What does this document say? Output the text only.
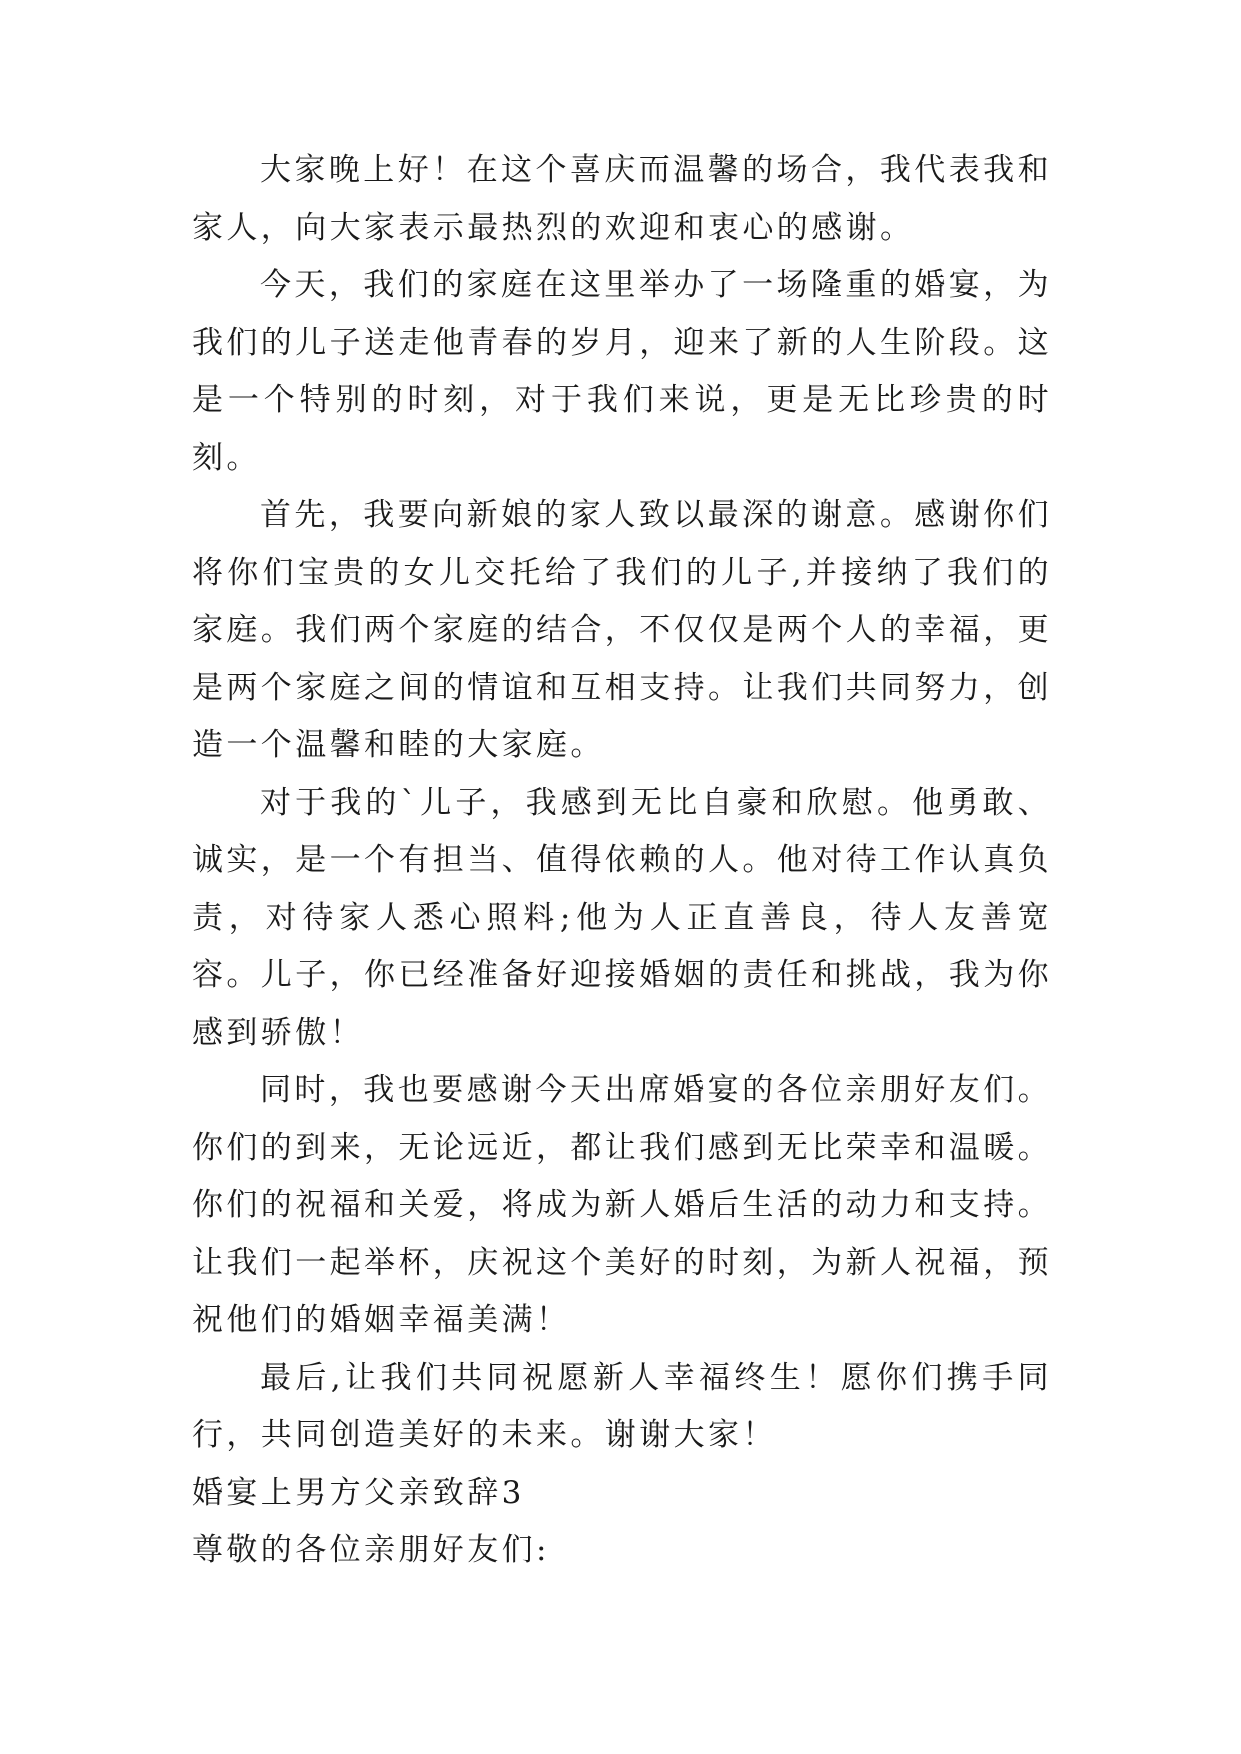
大家晚上好！在这个喜庆而温馨的场合，我代表我和家人，向大家表示最热烈的欢迎和衷心的感谢。

今天，我们的家庭在这里举办了一场隆重的婚宴，为我们的儿子送走他青春的岁月，迎来了新的人生阶段。这是一个特别的时刻，对于我们来说，更是无比珍贵的时刻。

首先，我要向新娘的家人致以最深的谢意。感谢你们将你们宝贵的女儿交托给了我们的儿子,并接纳了我们的家庭。我们两个家庭的结合，不仅仅是两个人的幸福，更是两个家庭之间的情谊和互相支持。让我们共同努力，创造一个温馨和睦的大家庭。

对于我的`儿子，我感到无比自豪和欣慰。他勇敢、诚实，是一个有担当、值得依赖的人。他对待工作认真负责，对待家人悉心照料;他为人正直善良，待人友善宽容。儿子，你已经准备好迎接婚姻的责任和挑战，我为你感到骄傲！

同时，我也要感谢今天出席婚宴的各位亲朋好友们。你们的到来，无论远近，都让我们感到无比荣幸和温暖。你们的祝福和关爱，将成为新人婚后生活的动力和支持。让我们一起举杯，庆祝这个美好的时刻，为新人祝福，预祝他们的婚姻幸福美满！

最后,让我们共同祝愿新人幸福终生！愿你们携手同行，共同创造美好的未来。谢谢大家！

婚宴上男方父亲致辞3

尊敬的各位亲朋好友们:
